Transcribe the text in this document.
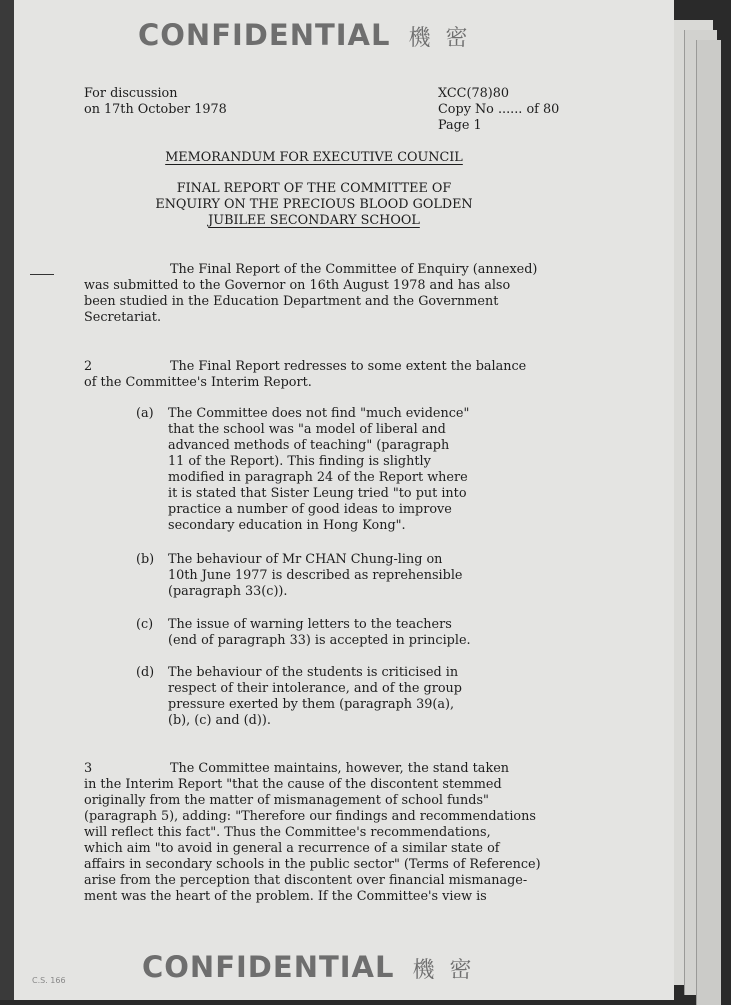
CONFIDENTIAL 機 密
For discussion
on 17th October 1978
XCC(78)80
Copy No ...... of 80
Page 1
MEMORANDUM FOR EXECUTIVE COUNCIL
FINAL REPORT OF THE COMMITTEE OF
ENQUIRY ON THE PRECIOUS BLOOD GOLDEN
JUBILEE SECONDARY SCHOOL
The Final Report of the Committee of Enquiry (annexed)
was submitted to the Governor on 16th August 1978 and has also
been studied in the Education Department and the Government
Secretariat.
2	The Final Report redresses to some extent the balance
of the Committee's Interim Report.
(a) The Committee does not find "much evidence"
that the school was "a model of liberal and
advanced methods of teaching" (paragraph
11 of the Report). This finding is slightly
modified in paragraph 24 of the Report where
it is stated that Sister Leung tried "to put into
practice a number of good ideas to improve
secondary education in Hong Kong".
(b) The behaviour of Mr CHAN Chung-ling on
10th June 1977 is described as reprehensible
(paragraph 33(c)).
(c) The issue of warning letters to the teachers
(end of paragraph 33) is accepted in principle.
(d) The behaviour of the students is criticised in
respect of their intolerance, and of the group
pressure exerted by them (paragraph 39(a),
(b), (c) and (d)).
3	The Committee maintains, however, the stand taken
in the Interim Report "that the cause of the discontent stemmed
originally from the matter of mismanagement of school funds"
(paragraph 5), adding: "Therefore our findings and recommendations
will reflect this fact". Thus the Committee's recommendations,
which aim "to avoid in general a recurrence of a similar state of
affairs in secondary schools in the public sector" (Terms of Reference)
arise from the perception that discontent over financial mismanage-
ment was the heart of the problem. If the Committee's view is
CONFIDENTIAL 機 密
C.S. 166
